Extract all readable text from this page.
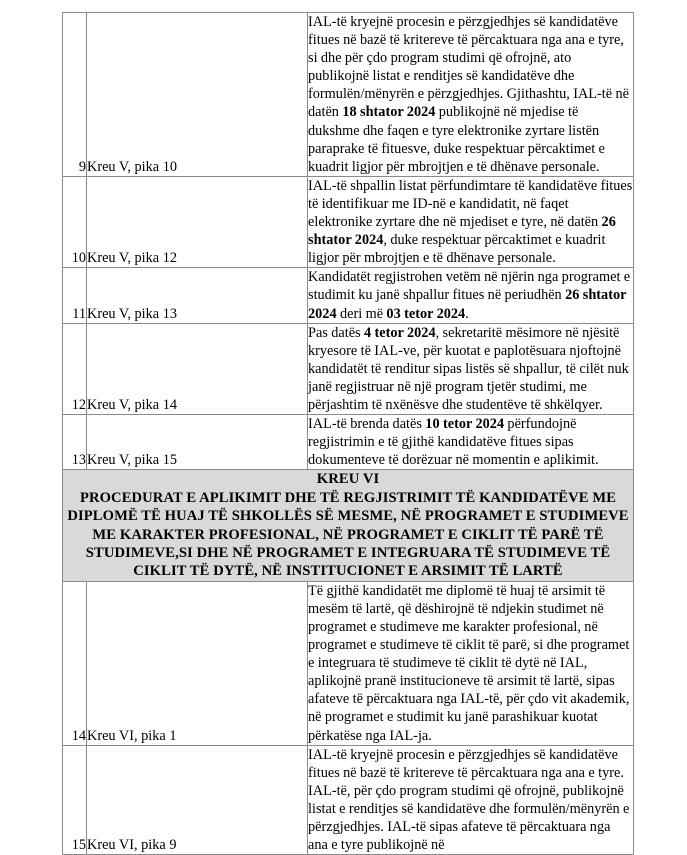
9	Kreu V, pika 10	IAL-të kryejnë procesin e përzgjedhjes së kandidatëve fitues në bazë të kritereve të përcaktuara nga ana e tyre, si dhe për çdo program studimi që ofrojnë, ato publikojnë listat e renditjes së kandidatëve dhe formulën/mënyrën e përzgjedhjes. Gjithashtu, IAL-të në datën 18 shtator 2024 publikojnë në mjedise të dukshme dhe faqen e tyre elektronike zyrtare listën paraprake të fituesve, duke respektuar përcaktimet e kuadrit ligjor për mbrojtjen e të dhënave personale.

10	Kreu V, pika 12	IAL-të shpallin listat përfundimtare të kandidatëve fitues të identifikuar me ID-në e kandidatit, në faqet elektronike zyrtare dhe në mjediset e tyre, në datën 26 shtator 2024, duke respektuar përcaktimet e kuadrit ligjor për mbrojtjen e të dhënave personale.

11	Kreu V, pika 13	Kandidatët regjistrohen vetëm në njërin nga programet e studimit ku janë shpallur fitues në periudhën 26 shtator 2024 deri më 03 tetor 2024.

12	Kreu V, pika 14	Pas datës 4 tetor 2024, sekretaritë mësimore në njësitë kryesore të IAL-ve, për kuotat e paplotësuara njoftojnë kandidatët të renditur sipas listës së shpallur, të cilët nuk janë regjistruar në një program tjetër studimi, me përjashtim të nxënësve dhe studentëve të shkëlqyer.

13	Kreu V, pika 15	IAL-të brenda datës 10 tetor 2024 përfundojnë regjistrimin e të gjithë kandidatëve fitues sipas dokumenteve të dorëzuar në momentin e aplikimit.

KREU VI
PROCEDURAT E APLIKIMIT DHE TË REGJISTRIMIT TË KANDIDATËVE ME DIPLOMË TË HUAJ TË SHKOLLËS SË MESME, NË PROGRAMET E STUDIMEVE ME KARAKTER PROFESIONAL, NË PROGRAMET E CIKLIT TË PARË TË STUDIMEVE,SI DHE NË PROGRAMET E INTEGRUARA TË STUDIMEVE TË CIKLIT TË DYTË, NË INSTITUCIONET E ARSIMIT TË LARTË		

14	Kreu VI, pika 1	Të gjithë kandidatët me diplomë të huaj të arsimit të mesëm të lartë, që dëshirojnë të ndjekin studimet në programet e studimeve me karakter profesional, në programet e studimeve të ciklit të parë, si dhe programet e integruara të studimeve të ciklit të dytë në IAL, aplikojnë pranë institucioneve të arsimit të lartë, sipas afateve të përcaktuara nga IAL-të, për çdo vit akademik, në programet e studimit ku janë parashikuar kuotat përkatëse nga IAL-ja.

15	Kreu VI, pika 9	IAL-të kryejnë procesin e përzgjedhjes së kandidatëve fitues në bazë të kritereve të përcaktuara nga ana e tyre. IAL-të, për çdo program studimi që ofrojnë, publikojnë listat e renditjes së kandidatëve dhe formulën/mënyrën e përzgjedhjes. IAL-të sipas afateve të përcaktuara nga ana e tyre publikojnë në
